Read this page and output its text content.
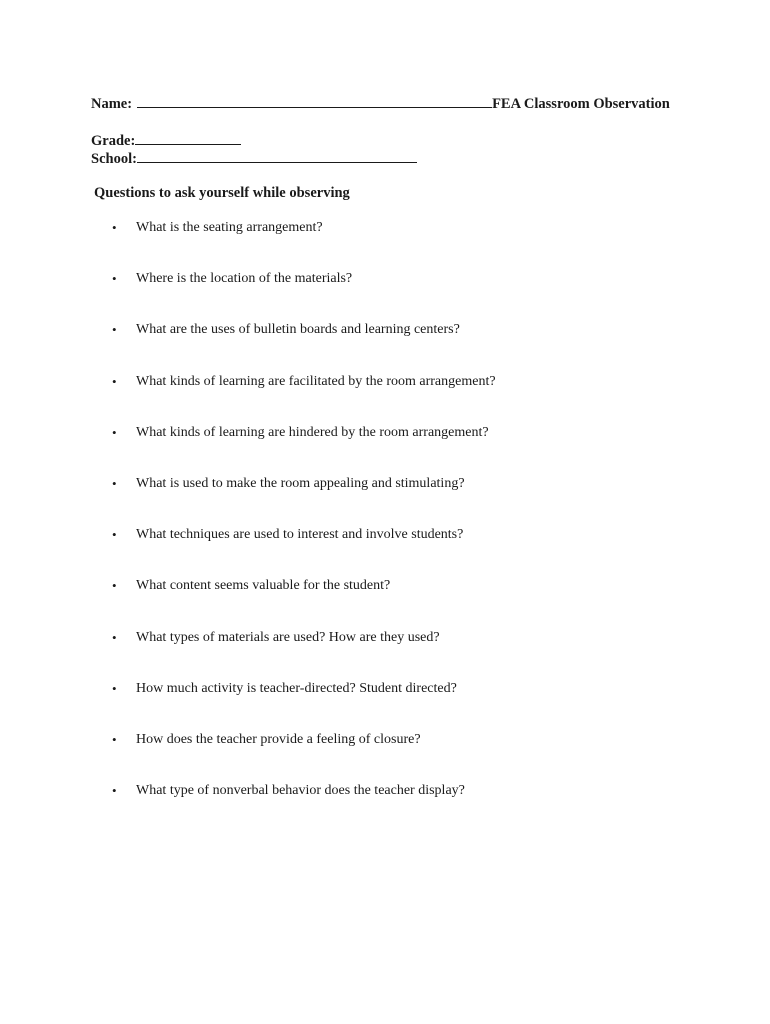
Name:	FEA Classroom Observation
Grade:
School:
Questions to ask yourself while observing
• What is the seating arrangement?
• Where is the location of the materials?
• What are the uses of bulletin boards and learning centers?
• What kinds of learning are facilitated by the room arrangement?
• What kinds of learning are hindered by the room arrangement?
• What is used to make the room appealing and stimulating?
• What techniques are used to interest and involve students?
• What content seems valuable for the student?
• What types of materials are used? How are they used?
• How much activity is teacher-directed? Student directed?
• How does the teacher provide a feeling of closure?
• What type of nonverbal behavior does the teacher display?
